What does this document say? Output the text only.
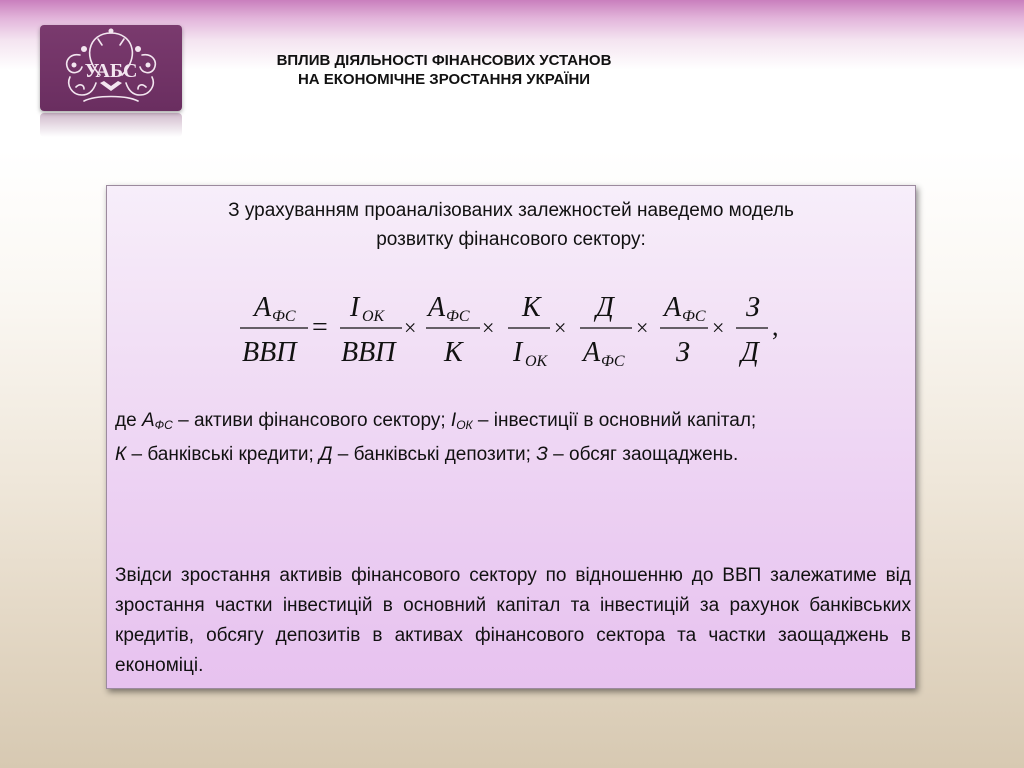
УАБС	ВПЛИВ ДІЯЛЬНОСТІ ФІНАНСОВИХ УСТАНОВ
НА ЕКОНОМІЧНЕ ЗРОСТАННЯ УКРАЇНИ
З урахуванням проаналізованих залежностей наведемо модель
розвитку фінансового сектору:
А ФС
ВВП
=
I ОК
ВВП
×
А ФС
К
×
К
I ОК
×
Д
А ФС
×
А ФС
З
×
З
Д
,
де $А_{ФС}$ – активи фінансового сектору; $I_{ОК}$ – інвестиції в основний капітал;
К – банківські кредити; Д – банківські депозити; З – обсяг заощаджень.
Звідси зростання активів фінансового сектору по відношенню до ВВП залежатиме від зростання частки інвестицій в основний капітал та інвестицій за рахунок банківських кредитів, обсягу депозитів в активах фінансового сектора та частки заощаджень в економіці.
